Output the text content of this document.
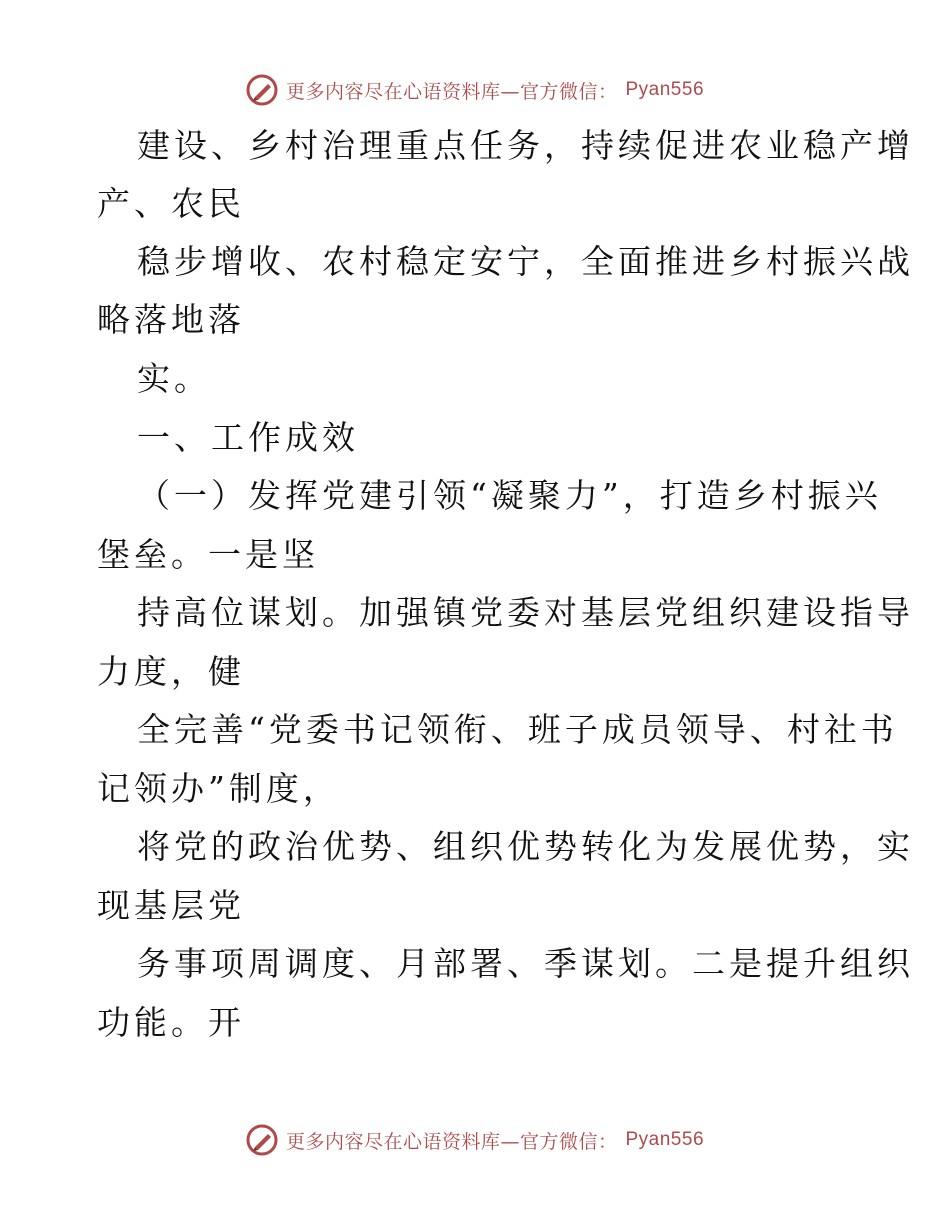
更多内容尽在心语资料库—官方微信： Pyan556
建设、乡村治理重点任务，持续促进农业稳产增
产、农民
稳步增收、农村稳定安宁，全面推进乡村振兴战
略落地落
实。
一、工作成效
（一）发挥党建引领“凝聚力”，打造乡村振兴
堡垒。一是坚
持高位谋划。加强镇党委对基层党组织建设指导
力度，健
全完善“党委书记领衔、班子成员领导、村社书
记领办”制度，
将党的政治优势、组织优势转化为发展优势，实
现基层党
务事项周调度、月部署、季谋划。二是提升组织
功能。开
更多内容尽在心语资料库—官方微信： Pyan556
